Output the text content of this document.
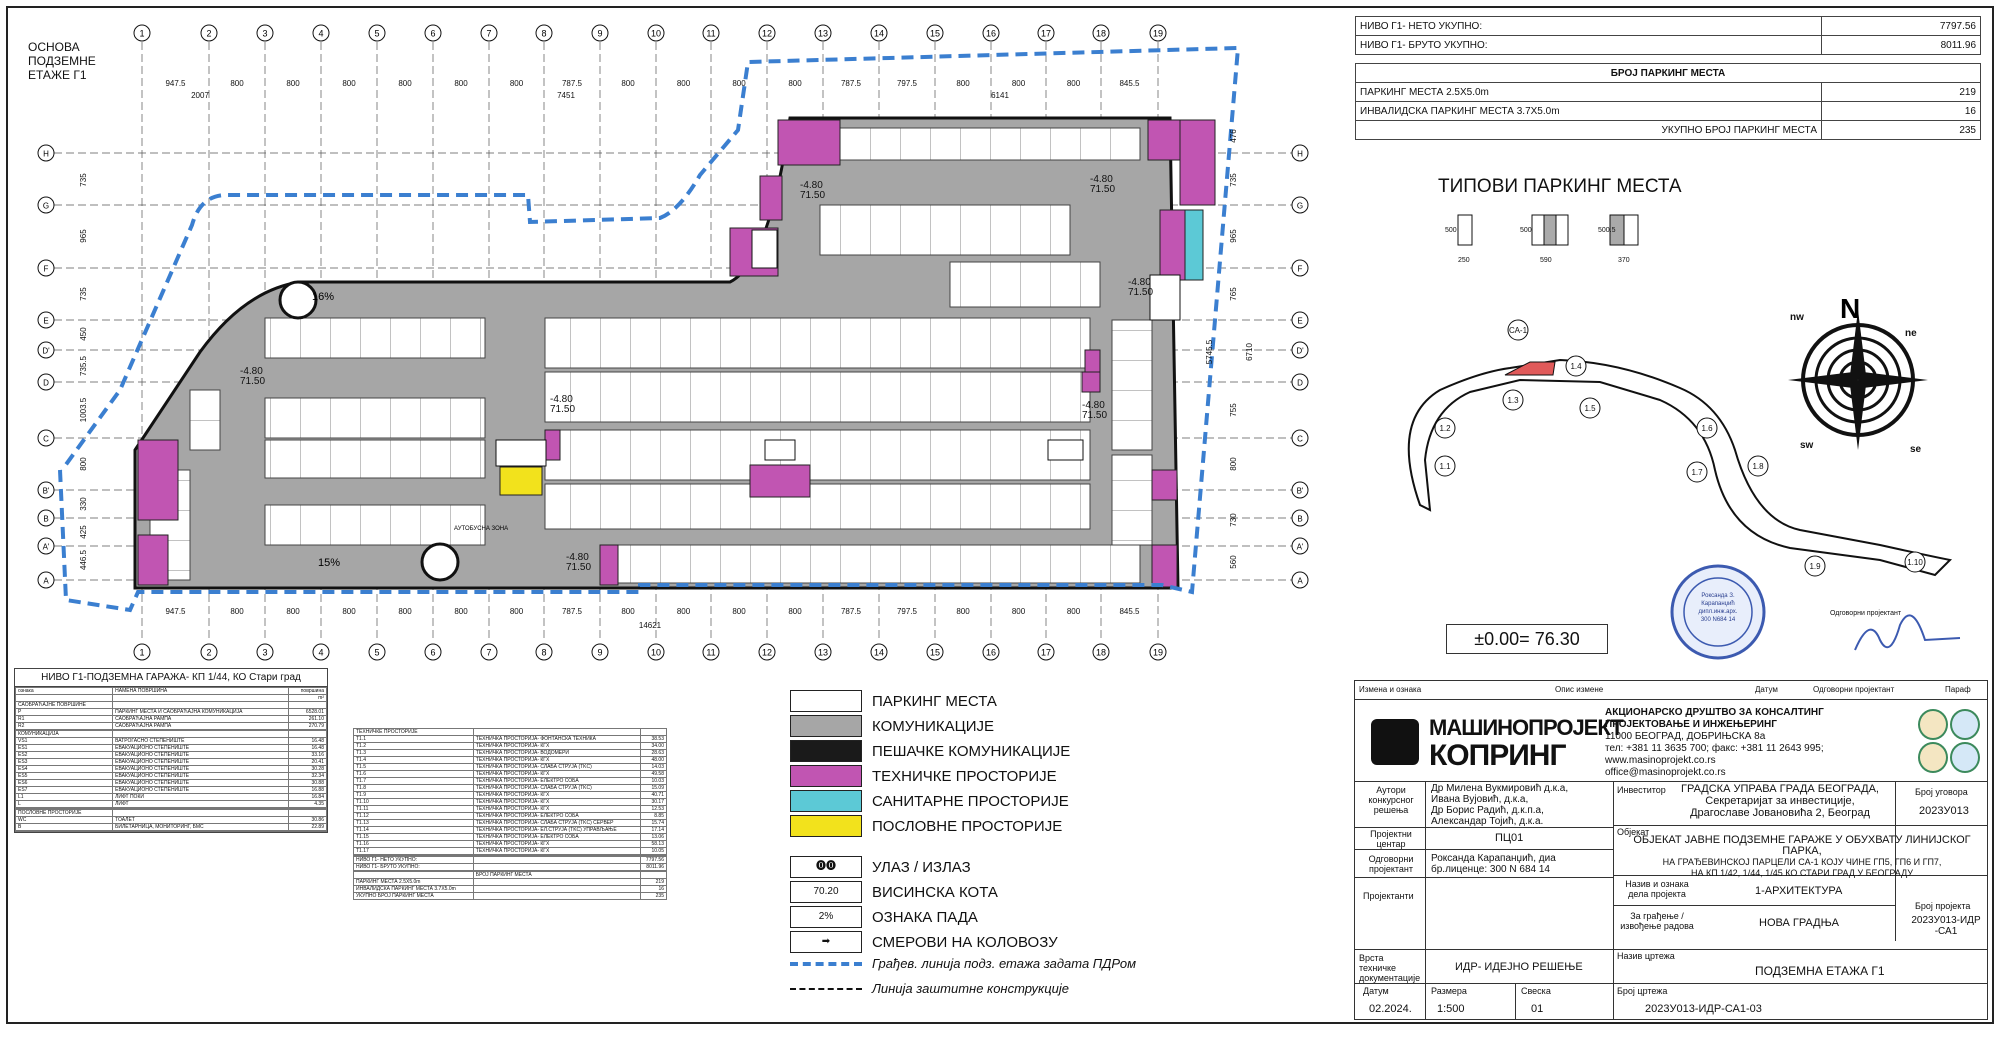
1
1
2
2
3
3
4
4
5
5
6
6
7
7
8
8
9
9
10
10
11
11
12
12
13
13
14
14
15
15
16
16
17
17
18
18
19
19
H	H
G	G
F	F
E	E
D'	D'
D	D
C	C
B'	B'
B	B
A'	A'
A	A
16%
15%
-4.80
71.50
-4.80
71.50
-4.80
71.50
-4.80
71.50
-4.80
71.50	-4.80
71.50
-4.80
71.50
АУТОБУСНА ЗОНА
947.5
947.5
800
800
800
800
800
800
800
800
800
800
800
800
787.5
787.5
800
800
800
800
800
800
800
800
787.5
787.5
797.5
797.5
800
800
800
800
800
800
845.5
845.5
2007	7451	6141
14621
735
965
735
450
735.5
1003.5
800
330
425
446.5
476
735
965
765
5745.5	6710
755
800
730
560
500
250
500
590
500.5
370
СА-1
1.1
1.2
1.3
1.4
1.5
1.6
1.7
1.8
1.9	1.10
ne
sw	se
nw N
ОСНОВА
ПОДЗЕМНЕ
ЕТАЖЕ Г1
НИВО Г1- НЕТО УКУПНО:	7797.56
НИВО Г1- БРУТО УКУПНО:	8011.96

БРОЈ ПАРКИНГ МЕСТА	
ПАРКИНГ МЕСТА 2.5X5.0m	219
ИНВАЛИДСКА ПАРКИНГ МЕСТА 3.7X5.0m	16
УКУПНО БРОЈ ПАРКИНГ МЕСТА	235
ТИПОВИ ПАРКИНГ МЕСТА
±0.00= 76.30
Роксанда З.
Карапанџић
дипл.инж.арх.
300 N684 14
Одговорни пројектант
НИВО Г1-ПОДЗЕМНА ГАРАЖА- КП 1/44, КО Стари град
ознака	НАМЕНА ПОВРШИНА	површина
		m²
САОБРАЋАЈНЕ ПОВРШИНЕ		
P	ПАРКИНГ МЕСТА И САОБРАЋАЈНА КОМУНИКАЦИЈА	6528.01
R1	САОБРАЋАЈНА РАМПА	261.10
R2	САОБРАЋАЈНА РАМПА	270.79

КОМУНИКАЦИЈА		
VS1	ВАТРОГАСНО СТЕПЕНИШТЕ	16.48
ES1	ЕВАКУАЦИОНО СТЕПЕНИШТЕ	16.48
ES2	ЕВАКУАЦИОНО СТЕПЕНИШТЕ	33.16
ES3	ЕВАКУАЦИОНО СТЕПЕНИШТЕ	20.41
ES4	ЕВАКУАЦИОНО СТЕПЕНИШТЕ	30.28
ES5	ЕВАКУАЦИОНО СТЕПЕНИШТЕ	32.34
ES6	ЕВАКУАЦИОНО СТЕПЕНИШТЕ	30.88
ES7	ЕВАКУАЦИОНО СТЕПЕНИШТЕ	16.88
L1	ЛИФТ ПОКИ	16.84
L	ЛИФТ	4.35

ПОСЛОВНЕ ПРОСТОРИЈЕ		
WC	ТОАЛЕТ	30.86
B	БИЛЕТАРНИЦА, МОНИТОРИНГ, БМС	22.89

ТЕХНИЧКЕ ПРОСТОРИЈЕ		
T1.1	ТЕХНИЧКА ПРОСТОРИЈА- ФОНТАНСКА ТЕХНИКА	38.53
T1.2	ТЕХНИЧКА ПРОСТОРИЈА- КГХ	34.00
T1.3	ТЕХНИЧКА ПРОСТОРИЈА- ВОДОМЕРИ	28.63
T1.4	ТЕХНИЧКА ПРОСТОРИЈА- КГХ	48.00
T1.5	ТЕХНИЧКА ПРОСТОРИЈА- СЛАБА СТРУЈА (TKC)	14.03
T1.6	ТЕХНИЧКА ПРОСТОРИЈА- КГХ	49.58
T1.7	ТЕХНИЧКА ПРОСТОРИЈА- ЕЛЕКТРО СОБА	10.03
T1.8	ТЕХНИЧКА ПРОСТОРИЈА- СЛАБА СТРУЈА (TKC)	15.09
T1.9	ТЕХНИЧКА ПРОСТОРИЈА- КГХ	40.71
T1.10	ТЕХНИЧКА ПРОСТОРИЈА- КГХ	30.17
T1.11	ТЕХНИЧКА ПРОСТОРИЈА- КГХ	12.53
T1.12	ТЕХНИЧКА ПРОСТОРИЈА- ЕЛЕКТРО СОБА	8.85
T1.13	ТЕХНИЧКА ПРОСТОРИЈА- СЛАБА СТРУЈА (TKC) СЕРВЕР	15.74
T1.14	ТЕХНИЧКА ПРОСТОРИЈА- ЕЛ.СТРУЈА (TKC) УПРАВЉАЊЕ	17.14
T1.15	ТЕХНИЧКА ПРОСТОРИЈА- ЕЛЕКТРО СОБА	13.06
T1.16	ТЕХНИЧКА ПРОСТОРИЈА- КГХ	58.13
T1.17	ТЕХНИЧКА ПРОСТОРИЈА- КГХ	10.05

НИВО Г1- НЕТО УКУПНО:		7797.56
НИВО Г1- БРУТО УКУПНО:		8011.96

	БРОЈ ПАРКИНГ МЕСТА	
ПАРКИНГ МЕСТА 2.5X5.0m		219
ИНВАЛИДСКА ПАРКИНГ МЕСТА 3.7X5.0m		16
УКУПНО БРОЈ ПАРКИНГ МЕСТА		235
ПАРКИНГ МЕСТА
КОМУНИКАЦИЈЕ
ПЕШАЧКЕ КОМУНИКАЦИЈЕ
ТЕХНИЧКЕ ПРОСТОРИЈЕ
САНИТАРНЕ ПРОСТОРИЈЕ
ПОСЛОВНЕ ПРОСТОРИЈЕ
⓿⓿	УЛАЗ / ИЗЛАЗ
70.20	ВИСИНСКА КОТА
2%	ОЗНАКА ПАДА
➡	СМЕРОВИ НА КОЛОВОЗУ
Грађев. линија подз. етажа задата ПДРом
Линија заштитне конструкције
Измена и ознака	Опис измене	Датум	Одговорни пројектант	Параф
МАШИНОПРОЈЕКТ
КОПРИНГ
АКЦИОНАРСКО ДРУШТВО ЗА КОНСАЛТИНГ
ПРОЈЕКТОВАЊЕ И ИНЖЕЊЕРИНГ
11000 БЕОГРАД, ДОБРИЊСКА 8а
тел: +381 11 3635 700; факс: +381 11 2643 995;
www.masinoprojekt.co.rs
office@masinoprojekt.co.rs
Аутори конкурсног решења
Др Милена Вукмировић д.к.а,
Ивана Вујовић, д.к.а,
Др Борис Радић, д.к.п.а,
Александар Тојић, д.к.а.
Пројектни центар	ПЦ01
Одговорни пројектант
Роксанда Карапанџић, диа
бр.лиценце: 300 N 684 14
Пројектанти
Инвеститор	ГРАДСКА УПРАВА ГРАДА БЕОГРАДА,
Секретаријат за инвестиције,
Драгославе Јовановића 2, Београд
Број уговора
2023У013
Објекат
ОБЈЕКАТ ЈАВНЕ ПОДЗЕМНЕ ГАРАЖЕ У ОБУХВАТУ ЛИНИЈСКОГ ПАРКА,
НА ГРАЂЕВИНСКОЈ ПАРЦЕЛИ СА-1 КОЈУ ЧИНЕ ГП5, ГП6 И ГП7,
НА КП 1/42, 1/44, 1/45 КО СТАРИ ГРАД У БЕОГРАДУ
Назив и ознака дела пројекта	1-АРХИТЕКТУРА
Број пројекта
2023У013-ИДР
-СА1
За грађење / извођење радова	НОВА ГРАДЊА
Врста техничке документације
ИДР- ИДЕЈНО РЕШЕЊЕ
Назив цртежа
ПОДЗЕМНА ЕТАЖА Г1
Датум
02.2024.
Размера
1:500
Свеска
01
Број цртежа
2023У013-ИДР-СА1-03
